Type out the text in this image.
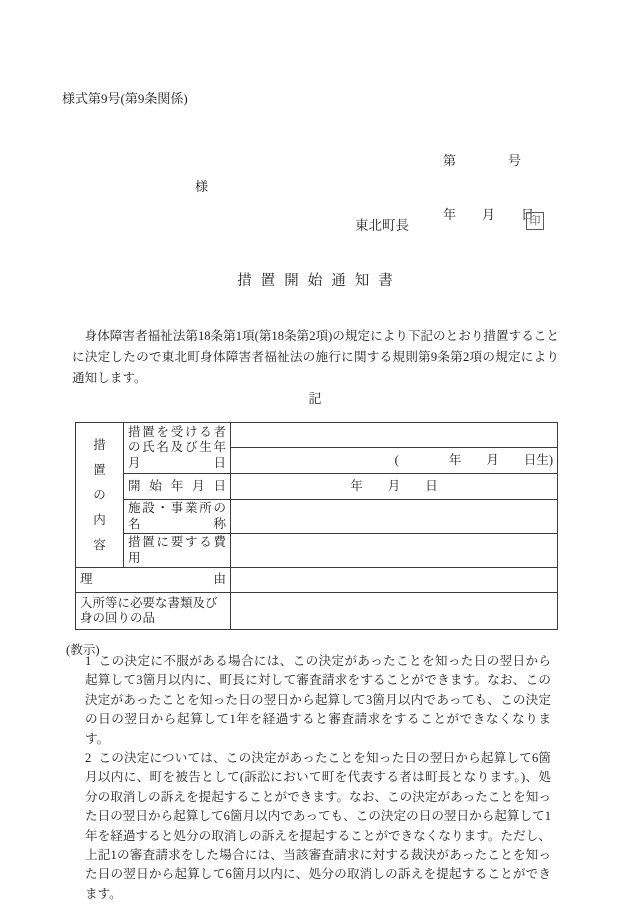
様式第9号(第9条関係)

第　　　　号

年　　月　　日

様
東北町長	印
措置開始通知書
身体障害者福祉法第18条第1項(第18条第2項)の規定により下記のとおり措置することに決定したので東北町身体障害者福祉法の施行に関する規則第9条第2項の規定により通知します。
記
措置の内容	措置を受ける者の氏名及び生年月日	
		(　　　　年　　月　　日生)
	開始年月日	年　　月　　日
	施設・事業所の名称	
	措置に要する費用	
理由		
入所等に必要な書類及び身の回りの品		
(教示)

1 この決定に不服がある場合には、この決定があったことを知った日の翌日から起算して3箇月以内に、町長に対して審査請求をすることができます。なお、この決定があったことを知った日の翌日から起算して3箇月以内であっても、この決定の日の翌日から起算して1年を経過すると審査請求をすることができなくなります。

2 この決定については、この決定があったことを知った日の翌日から起算して6箇月以内に、町を被告として(訴訟において町を代表する者は町長となります。)、処分の取消しの訴えを提起することができます。なお、この決定があったことを知った日の翌日から起算して6箇月以内であっても、この決定の日の翌日から起算して1年を経過すると処分の取消しの訴えを提起することができなくなります。ただし、上記1の審査請求をした場合には、当該審査請求に対する裁決があったことを知った日の翌日から起算して6箇月以内に、処分の取消しの訴えを提起することができます。
